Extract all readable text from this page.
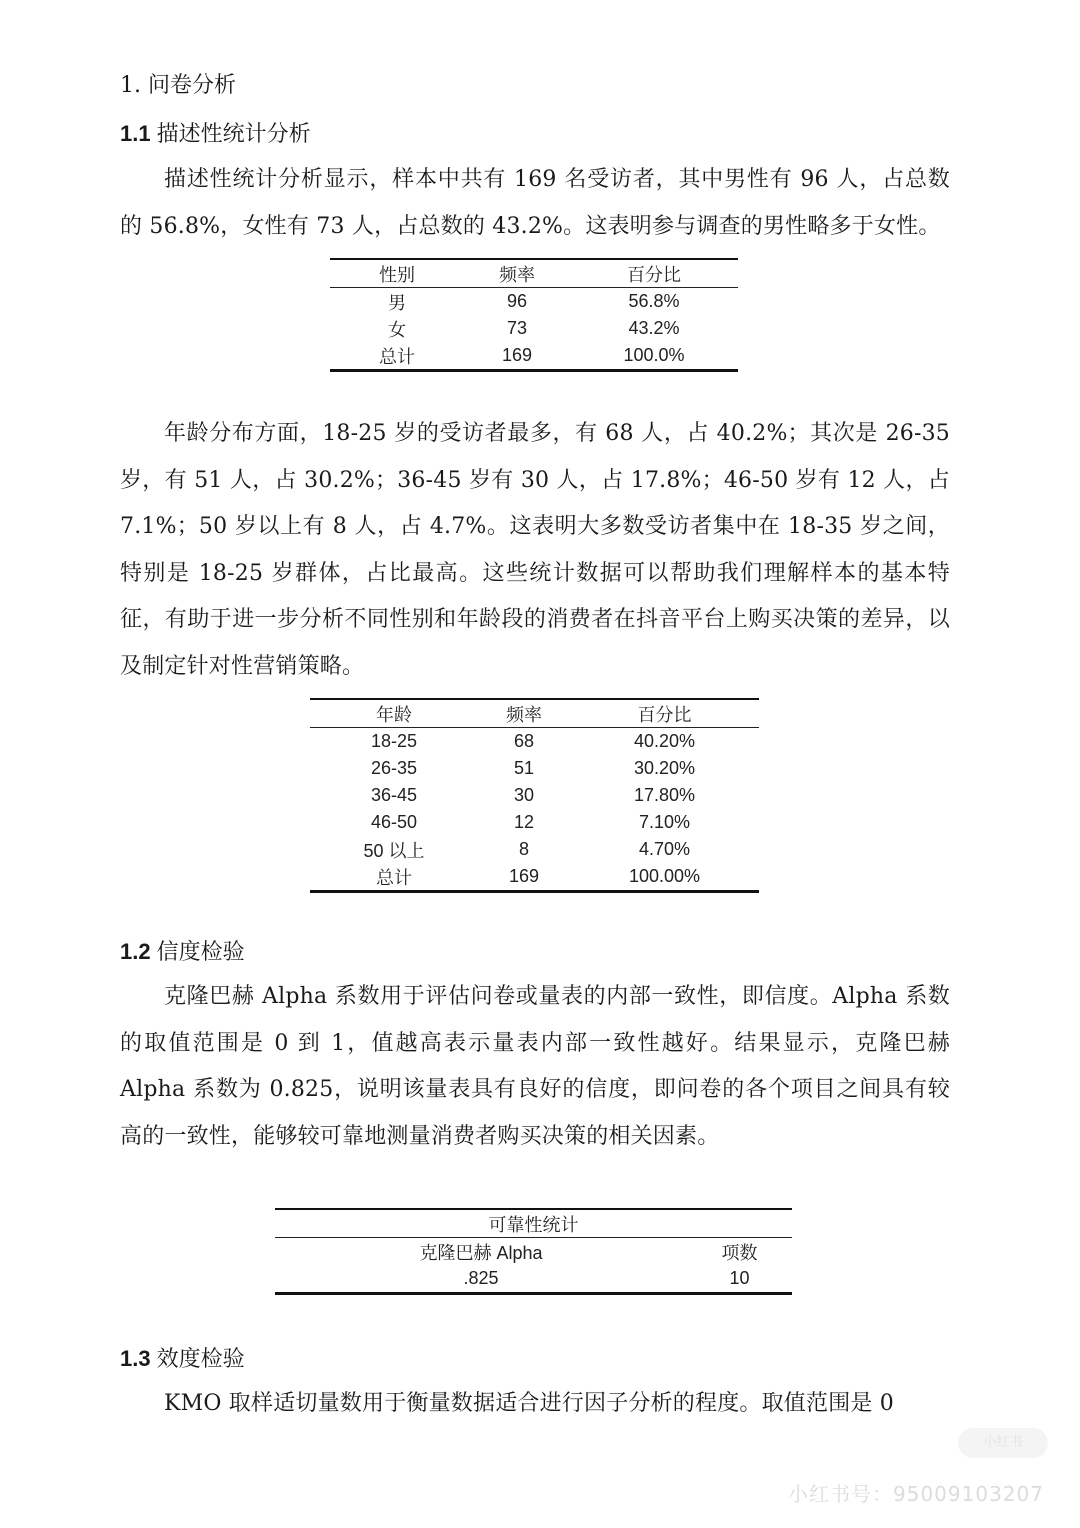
1. 问卷分析
1.1 描述性统计分析

描述性统计分析显示，样本中共有 169 名受访者，其中男性有 96 人，占总数的 56.8%，女性有 73 人，占总数的 43.2%。这表明参与调查的男性略多于女性。

性别	频率	百分比
男	96	56.8%
女	73	43.2%
总计	169	100.0%

年龄分布方面，18-25 岁的受访者最多，有 68 人，占 40.2%；其次是 26-35 岁，有 51 人，占 30.2%；36-45 岁有 30 人，占 17.8%；46-50 岁有 12 人，占 7.1%；50 岁以上有 8 人，占 4.7%。这表明大多数受访者集中在 18-35 岁之间，特别是 18-25 岁群体，占比最高。这些统计数据可以帮助我们理解样本的基本特征，有助于进一步分析不同性别和年龄段的消费者在抖音平台上购买决策的差异，以及制定针对性营销策略。

年龄	频率	百分比
18-25	68	40.20%
26-35	51	30.20%
36-45	30	17.80%
46-50	12	7.10%
50 以上	8	4.70%
总计	169	100.00%
1.2 信度检验

克隆巴赫 Alpha 系数用于评估问卷或量表的内部一致性，即信度。Alpha 系数的取值范围是 0 到 1，值越高表示量表内部一致性越好。结果显示，克隆巴赫 Alpha 系数为 0.825，说明该量表具有良好的信度，即问卷的各个项目之间具有较高的一致性，能够较可靠地测量消费者购买决策的相关因素。

可靠性统计	
克隆巴赫 Alpha	项数
.825	10
1.3 效度检验

KMO 取样适切量数用于衡量数据适合进行因子分析的程度。取值范围是 0

小红书
小红书号：95009103207
